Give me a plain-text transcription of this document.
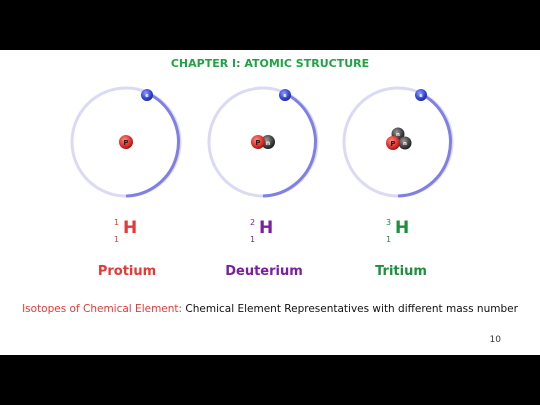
CHAPTER I: ATOMIC STRUCTURE
P
e
n
P
e
n
n
P
e
1
1
H	2
1
H	3
1
H
Protium	Deuterium	Tritium
Isotopes of Chemical Element: Chemical Element Representatives with different mass number
10
